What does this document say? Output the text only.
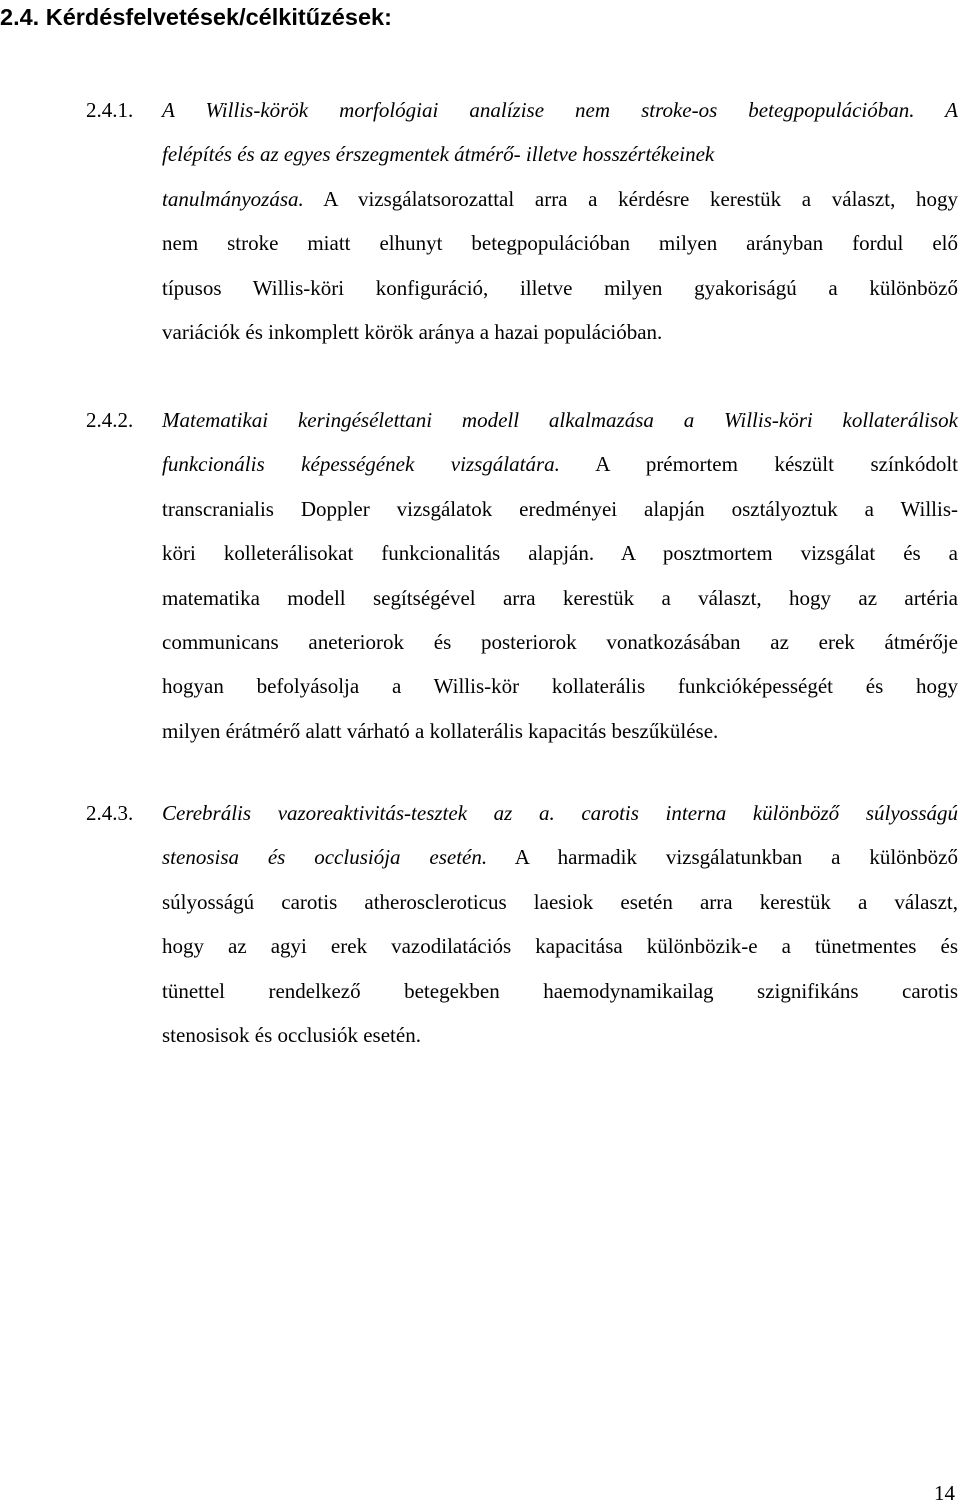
2.4. Kérdésfelvetések/célkitűzések:
2.4.1. A Willis-körök morfológiai analízise nem stroke-os betegpopulációban. A
felépítés és az egyes érszegmentek átmérő- illetve hosszértékeinek
tanulmányozása. A vizsgálatsorozattal arra a kérdésre kerestük a választ, hogy
nem stroke miatt elhunyt betegpopulációban milyen arányban fordul elő
típusos Willis-köri konfiguráció, illetve milyen gyakoriságú a különböző
variációk és inkomplett körök aránya a hazai populációban.

2.4.2. Matematikai keringésélettani modell alkalmazása a Willis-köri kollaterálisok
funkcionális képességének vizsgálatára. A prémortem készült színkódolt
transcranialis Doppler vizsgálatok eredményei alapján osztályoztuk a Willis-
köri kolleterálisokat funkcionalitás alapján. A posztmortem vizsgálat és a
matematika modell segítségével arra kerestük a választ, hogy az artéria
communicans aneteriorok és posteriorok vonatkozásában az erek átmérője
hogyan befolyásolja a Willis-kör kollaterális funkcióképességét és hogy
milyen érátmérő alatt várható a kollaterális kapacitás beszűkülése.

2.4.3. Cerebrális vazoreaktivitás-tesztek az a. carotis interna különböző súlyosságú
stenosisa és occlusiója esetén. A harmadik vizsgálatunkban a különböző
súlyosságú carotis atheroscleroticus laesiok esetén arra kerestük a választ,
hogy az agyi erek vazodilatációs kapacitása különbözik-e a tünetmentes és
tünettel rendelkező betegekben haemodynamikailag szignifikáns carotis
stenosisok és occlusiók esetén.

14
